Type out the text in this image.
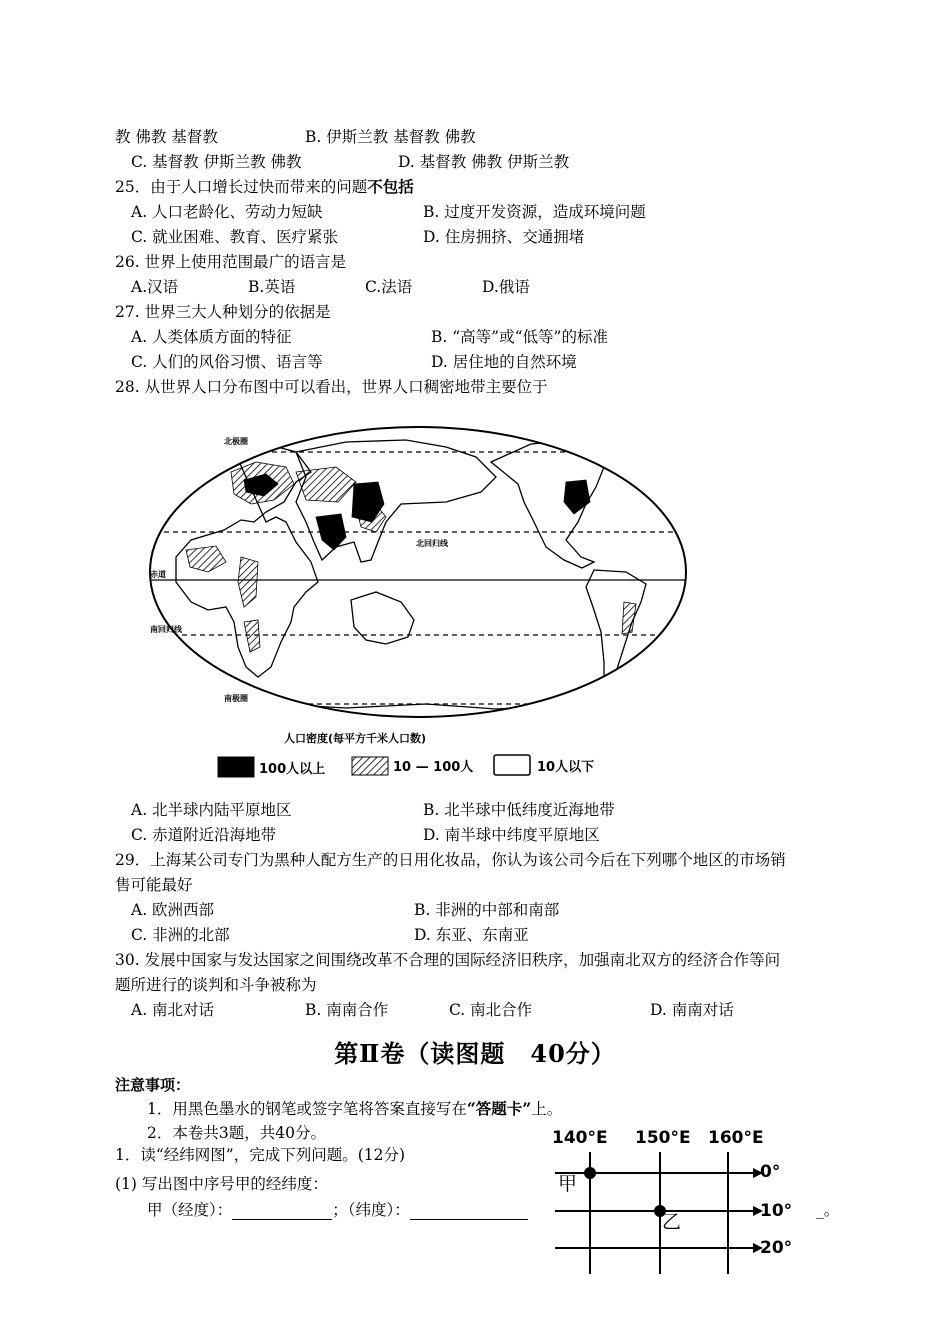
教 佛教 基督教	B. 伊斯兰教 基督教 佛教
C. 基督教 伊斯兰教 佛教	D. 基督教 佛教 伊斯兰教
25．由于人口增长过快而带来的问题不包括
A. 人口老龄化、劳动力短缺	B. 过度开发资源，造成环境问题
C. 就业困难、教育、医疗紧张	D. 住房拥挤、交通拥堵
26. 世界上使用范围最广的语言是
A.汉语	B.英语	C.法语	D.俄语
27. 世界三大人种划分的依据是
A. 人类体质方面的特征	B. “高等”或“低等”的标准
C. 人们的风俗习惯、语言等	D. 居住地的自然环境
28. 从世界人口分布图中可以看出，世界人口稠密地带主要位于
北极圈
北回归线
赤道
南回归线
南极圈
人口密度(每平方千米人口数)
100人以上	10 — 100人	10人以下
A. 北半球内陆平原地区	B. 北半球中低纬度近海地带
C. 赤道附近沿海地带	D. 南半球中纬度平原地区
29．上海某公司专门为黑种人配方生产的日用化妆品，你认为该公司今后在下列哪个地区的市场销
售可能最好
A. 欧洲西部	B. 非洲的中部和南部
C. 非洲的北部	D. 东亚、东南亚
30. 发展中国家与发达国家之间围绕改革不合理的国际经济旧秩序，加强南北双方的经济合作等问
题所进行的谈判和斗争被称为
A. 南北对话	B. 南南合作	C. 南北合作	D. 南南对话
第Ⅱ卷（读图题　40分）
注意事项：
1．用黑色墨水的钢笔或签字笔将答案直接写在“答题卡”上。
2．本卷共3题，共40分。
1．读“经纬网图”，完成下列问题。(12分)
(1) 写出图中序号甲的经纬度：
甲（经度）：	；（纬度）：
140°E 150°E 160°E
0°
10°
20°
甲
乙
_。
